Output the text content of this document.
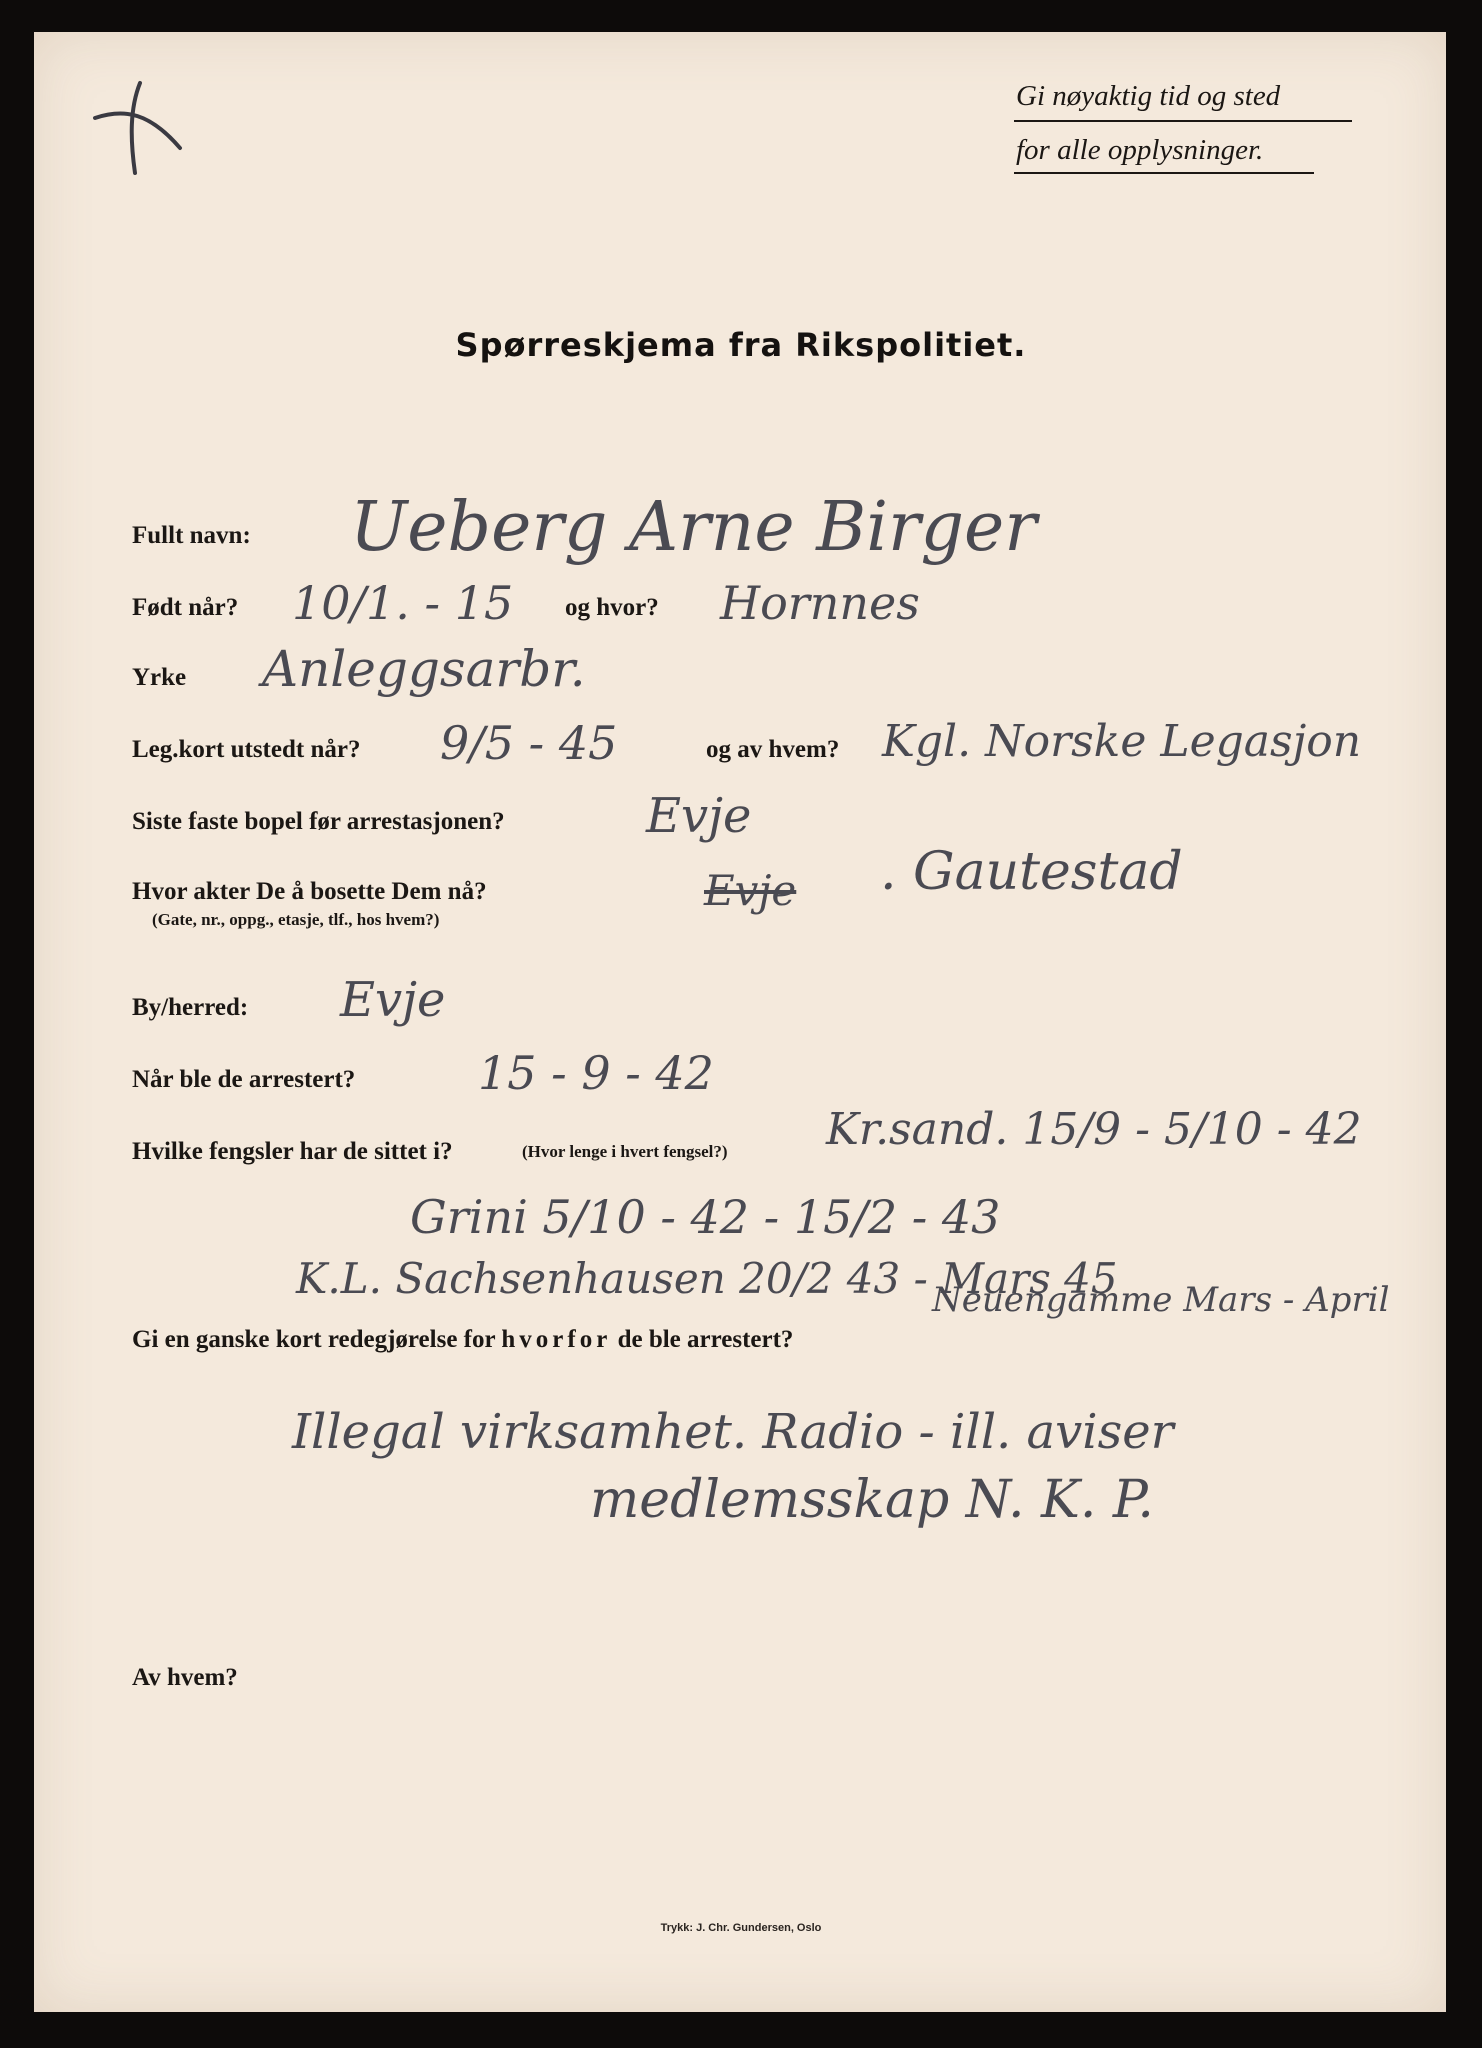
Gi nøyaktig tid og sted
for alle opplysninger.
Spørreskjema fra Rikspolitiet.
Fullt navn: Ueberg Arne Birger
Født når? 10/1. - 15 og hvor? Hornnes
Yrke Anleggsarbr.
Leg.kort utstedt når? 9/5 - 45	og av hvem? Kgl. Norske Legasjon
Siste faste bopel før arrestasjonen?	Evje
Hvor akter De å bosette Dem nå?
(Gate, nr., oppg., etasje, tlf., hos hvem?)
Evje . Gautestad
By/herred: Evje
Når ble de arrestert?	15 - 9 - 42
Hvilke fengsler har de sittet i?	(Hvor lenge i hvert fengsel?) Kr.sand. 15/9 - 5/10 - 42
Grini 5/10 - 42 - 15/2 - 43
K.L. Sachsenhausen 20/2 43 - Mars 45
Neuengamme Mars - April
Gi en ganske kort redegjørelse for hvorfor de ble arrestert?
Illegal virksamhet. Radio - ill. aviser
medlemsskap N. K. P.
Av hvem?
Trykk: J. Chr. Gundersen, Oslo
